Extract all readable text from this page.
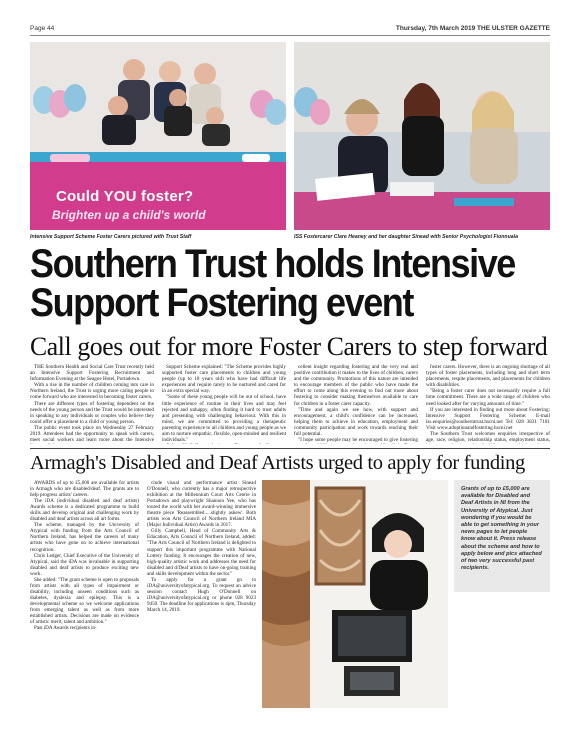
Page 44	Thursday, 7th March 2019 THE ULSTER GAZETTE
Could YOU foster?
Brighten up a child's world
Intensive Support Scheme Foster Carers pictured with Trust Staff	ISS Fostercarer Clare Heaney and her daughter Sinead with Senior Psychologist Fionnuala
Southern Trust holds Intensive
Support Fostering event
Call goes out for more Foster Carers to step forward

THE Southern Health and Social Care Trust recently held an Intensive Support Fostering Recruitment and Information Evening at the Seagoe Hotel, Portadown.

With a rise in the number of children coming into care in Northern Ireland, the Trust is urging more caring people to come forward who are interested in becoming foster carers.

There are different types of fostering dependent on the needs of the young person and the Trust would be interested in speaking to any individuals or couples who believe they could offer a placement to a child or young person.

The public event took place on Wednesday 27 February 2019. Attendees had the opportunity to speak with carers, meet social workers and learn more about the Intensive

Support Scheme explained: "The Scheme provides highly supported foster care placements to children and young people (up to 18 years old) who have had difficult life experiences and require rarely to be nurtured and cared for in an extra special way.

"Some of these young people will be out of school, have little experience of routine in their lives and may feel rejected and unhappy, often finding it hard to trust adults and presenting with challenging behaviour. With this in mind, we are committed to providing a therapeutic parenting experience to all children and young people as we aim to nurture empathic, flexible, open-minded and resilient individuals."

cellent insight regarding fostering and the very real and positive contribution it makes to the lives of children, carers and the community. Promotions of this nature are intended to encourage members of the public who have made the effort to come along this evening to find out more about fostering to consider making themselves available to care for children in a foster carer capacity.

"Time and again we see how, with support and encouragement, a child's confidence can be increased, helping them to achieve in education, employment and community participation and work towards reaching their full potential.

"I hope some people may be encouraged to give fostering

foster carers. However, there is an ongoing shortage of all types of foster placements, including long and short term placements, respite placements, and placements for children with disabilities.

"Being a foster carer does not necessarily require a full time commitment. There are a wide range of children who need looked after for varying amounts of time."

If you are interested in finding out more about Fostering: Intensive Support Fostering Scheme: E-mail iss.enquiries@southerntrust.hscni.net Tel: 028 3831 7181 Visit www.adoptionandfostering.hscni.net

The Southern Trust welcomes enquiries irrespective of age, race, religion, relationship status, employment status,

Armagh's Disabled and Deaf Artists urged to apply for funding

AWARDS of up to £5,000 are available for artists in Armagh who are disabled/deaf. The grants are to help progress artists' careers.

The iDA (individual disabled and deaf artists) Awards scheme is a dedicated programme to build skills and develop original and challenging work by disabled and deaf artists across all art forms.

The scheme, managed by the University of Atypical with funding from the Arts Council of Northern Ireland, has helped the careers of many artists who have gone on to achieve international recognition.

Chris Ledger, Chief Executive of the University of Atypical, said the iDA was invaluable in supporting disabled and deaf artists to produce exciting new work.

She added: "The grant scheme is open to proposals from artists with all types of impairment or disability, including unseen conditions such as diabetes, dyslexia and epilepsy. This is a developmental scheme so we welcome applications from emerging talent as well as from more established artists. Decisions are made on evidence of artistic merit, talent and ambition."

Past iDA Awards recipients in-

clude visual and performance artist Sinead O'Donnell, who currently has a major retrospective exhibition at the Millennium Court Arts Centre in Portadown and playwright Shannon Yee, who has toured the world with her award-winning immersive theatre piece 'Reassembled.....slightly askew'. Both artists won Arts Council of Northern Ireland MIA (Major Individual Artist) Awards in 2017.

Gilly Campbell, Head of Community Arts & Education, Arts Council of Northern Ireland, added: "The Arts Council of Northern Ireland is delighted to support this important programme with National Lottery funding. It encourages the creation of new, high-quality artistic work and addresses the need for disabled and d/Deaf artists to have on-going training and skills development within the sector."

To apply for a grant go to iDA@universityofatypical.org. To request an advice session contact Hugh O'Donnell on iDA@universityofatypical.org or phone 028 9023 9450. The deadline for applications is 4pm, Thursday March 14, 2019.

Grants of up to £5,000 are available for Disabled and Deaf Artists in NI from the University of Atypical. Just wondering if you would be able to get something in your news pages to let people know about it. Press release about the scheme and how to apply below and pics attached of two very successful past recipients.
